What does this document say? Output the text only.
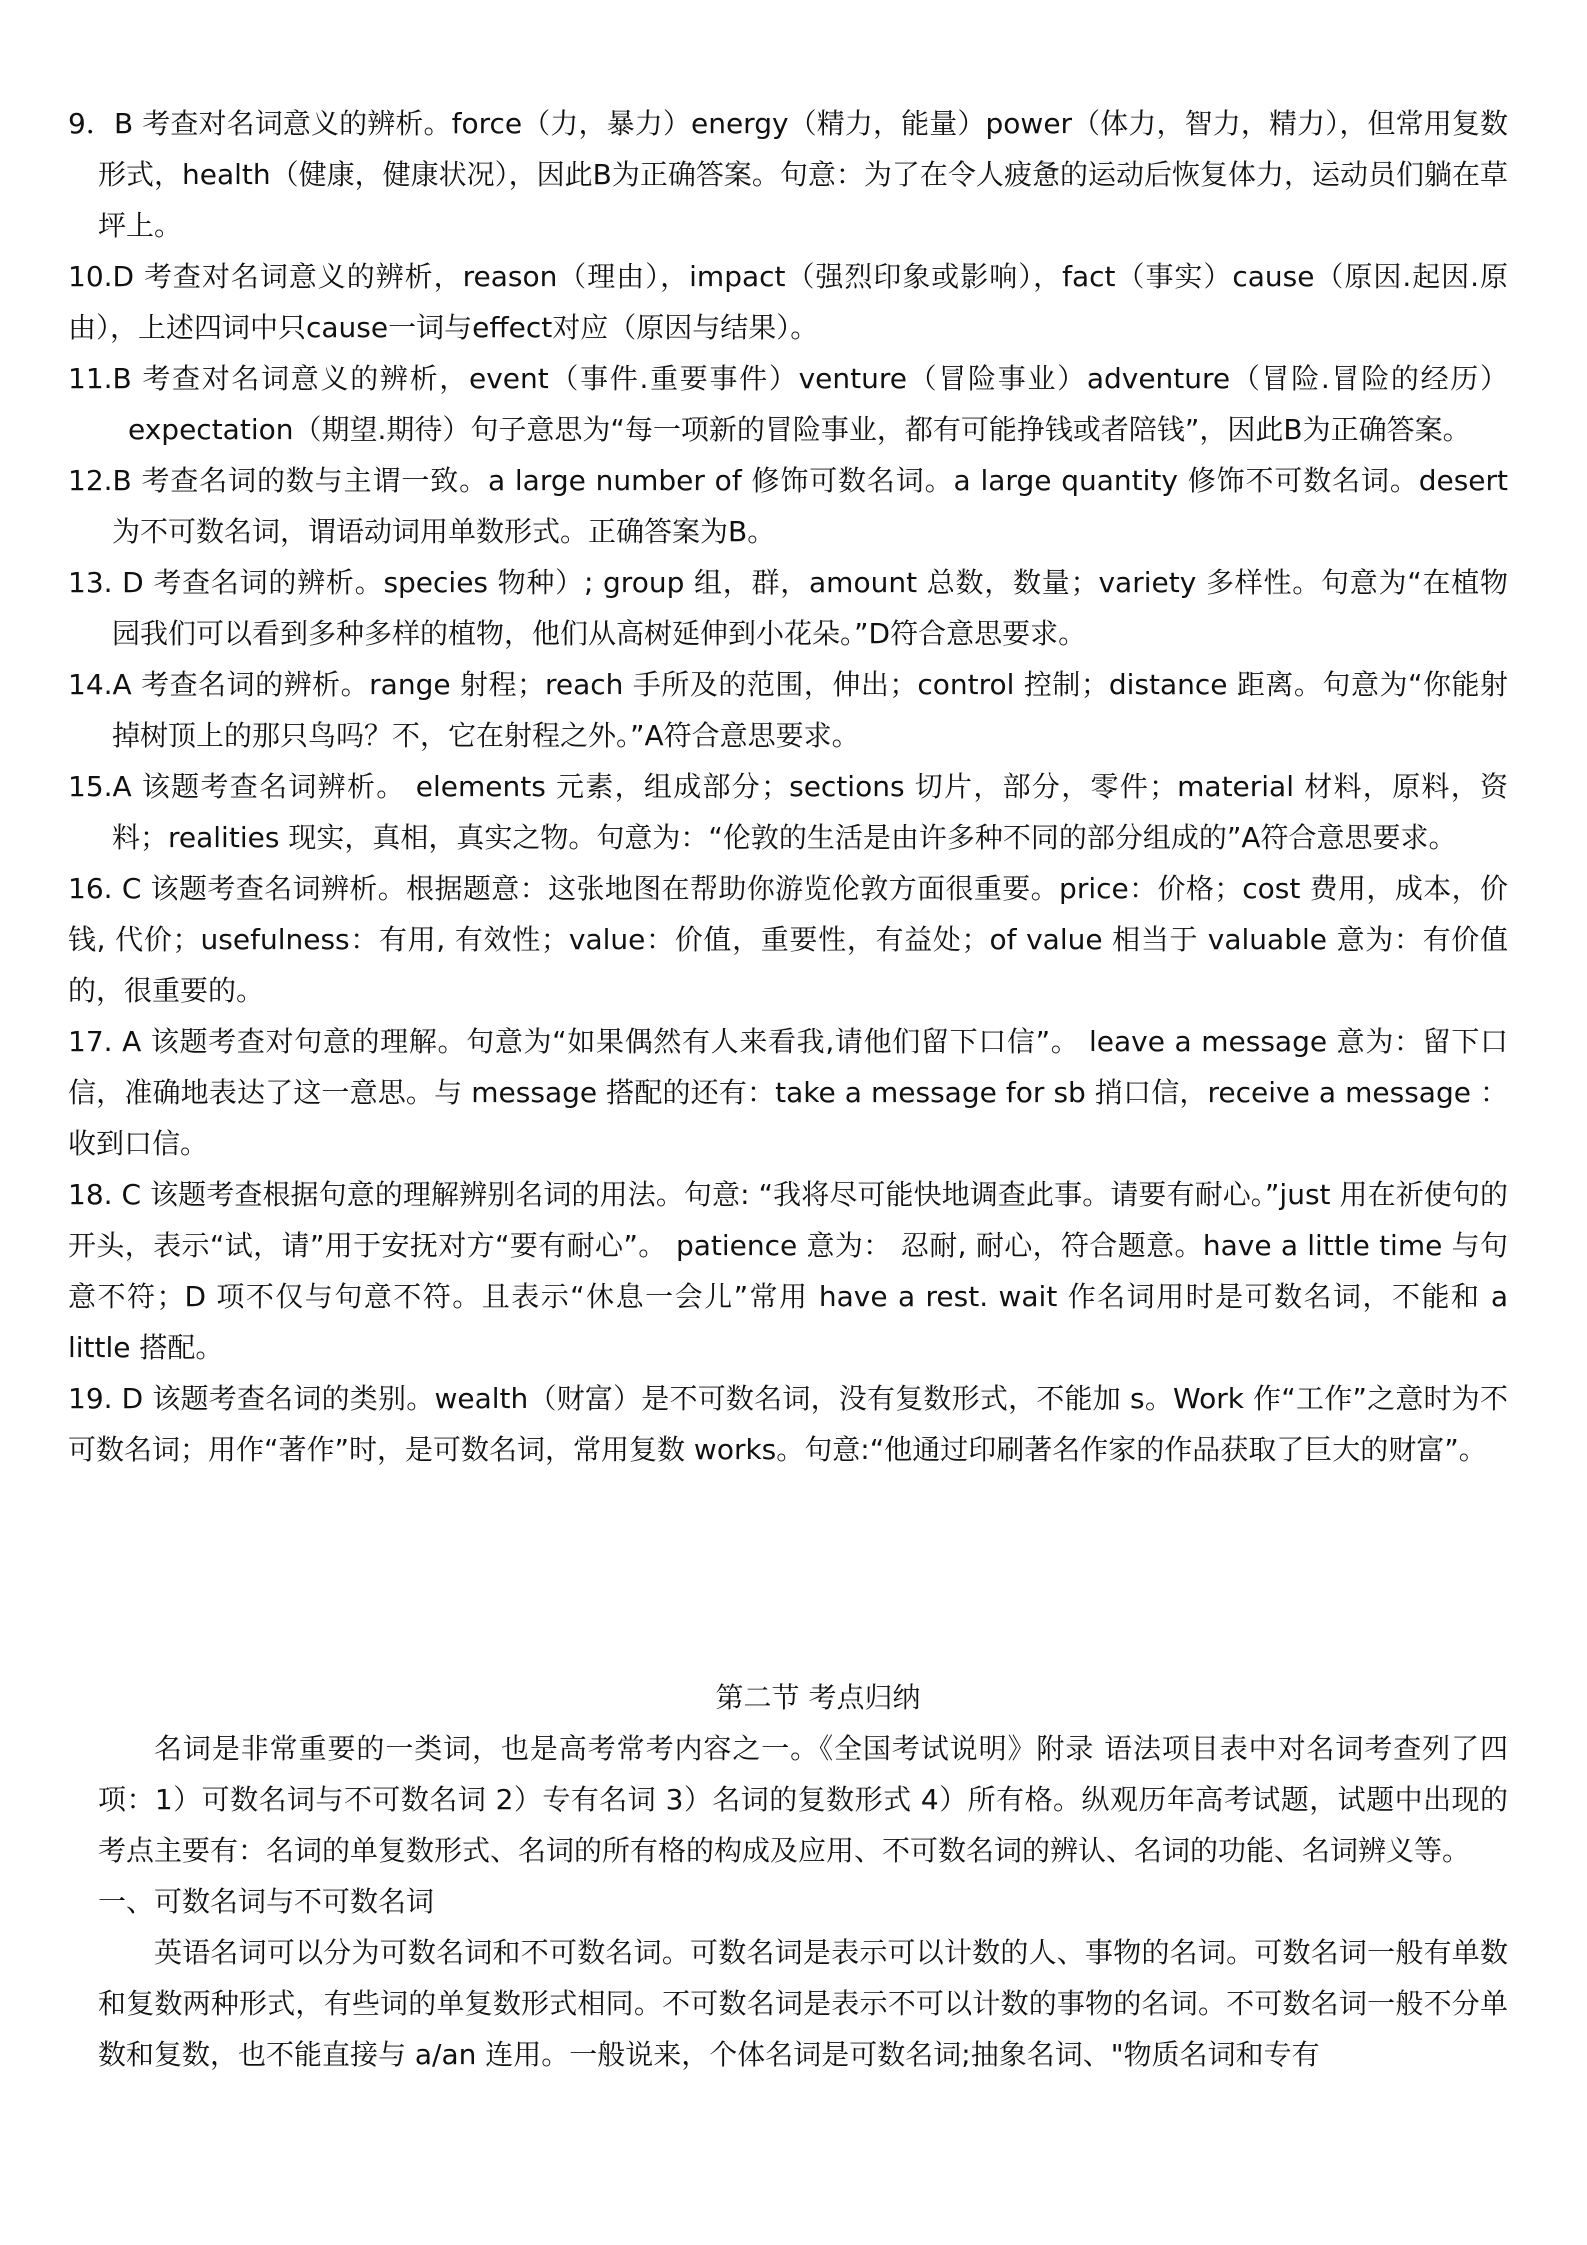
9．B 考查对名词意义的辨析。force（力，暴力）energy（精力，能量）power（体力，智力，精力），但常用复数形式，health（健康，健康状况），因此B为正确答案。句意：为了在令人疲惫的运动后恢复体力，运动员们躺在草坪上。

10.D 考查对名词意义的辨析，reason（理由），impact（强烈印象或影响），fact（事实）cause（原因.起因.原由），上述四词中只cause一词与effect对应（原因与结果）。

11.B 考查对名词意义的辨析，event（事件.重要事件）venture（冒险事业）adventure（冒险.冒险的经历）expectation（期望.期待）句子意思为“每一项新的冒险事业，都有可能挣钱或者陪钱”，因此B为正确答案。

12.B 考查名词的数与主谓一致。a large number of 修饰可数名词。a large quantity 修饰不可数名词。desert 为不可数名词，谓语动词用单数形式。正确答案为B。

13. D 考查名词的辨析。species 物种）; group 组，群，amount 总数，数量；variety 多样性。句意为“在植物园我们可以看到多种多样的植物，他们从高树延伸到小花朵。”D符合意思要求。

14.A 考查名词的辨析。range 射程；reach 手所及的范围，伸出；control 控制；distance 距离。句意为“你能射掉树顶上的那只鸟吗？不，它在射程之外。”A符合意思要求。

15.A 该题考查名词辨析。 elements 元素，组成部分；sections 切片，部分，零件；material 材料，原料，资料；realities 现实，真相，真实之物。句意为：“伦敦的生活是由许多种不同的部分组成的”A符合意思要求。

16. C 该题考查名词辨析。根据题意：这张地图在帮助你游览伦敦方面很重要。price：价格；cost 费用，成本，价钱, 代价；usefulness：有用, 有效性；value：价值，重要性，有益处；of value 相当于 valuable 意为：有价值的，很重要的。

17. A 该题考查对句意的理解。句意为“如果偶然有人来看我,请他们留下口信”。 leave a message 意为：留下口信，准确地表达了这一意思。与 message 搭配的还有：take a message for sb 捎口信，receive a message ：收到口信。

18. C 该题考查根据句意的理解辨别名词的用法。句意: “我将尽可能快地调查此事。请要有耐心。”just 用在祈使句的开头，表示“试，请”用于安抚对方“要有耐心”。 patience 意为： 忍耐, 耐心，符合题意。have a little time 与句意不符；D 项不仅与句意不符。且表示“休息一会儿”常用 have a rest. wait 作名词用时是可数名词，不能和 a little 搭配。

19. D 该题考查名词的类别。wealth（财富）是不可数名词，没有复数形式，不能加 s。Work 作“工作”之意时为不可数名词；用作“著作”时，是可数名词，常用复数 works。句意:“他通过印刷著名作家的作品获取了巨大的财富”。

第二节 考点归纳

名词是非常重要的一类词，也是高考常考内容之一。《全国考试说明》附录 语法项目表中对名词考查列了四项：1）可数名词与不可数名词 2）专有名词 3）名词的复数形式 4）所有格。纵观历年高考试题，试题中出现的考点主要有：名词的单复数形式、名词的所有格的构成及应用、不可数名词的辨认、名词的功能、名词辨义等。

一、可数名词与不可数名词

英语名词可以分为可数名词和不可数名词。可数名词是表示可以计数的人、事物的名词。可数名词一般有单数和复数两种形式，有些词的单复数形式相同。不可数名词是表示不可以计数的事物的名词。不可数名词一般不分单数和复数，也不能直接与 a/an 连用。一般说来，个体名词是可数名词;抽象名词、"物质名词和专有
